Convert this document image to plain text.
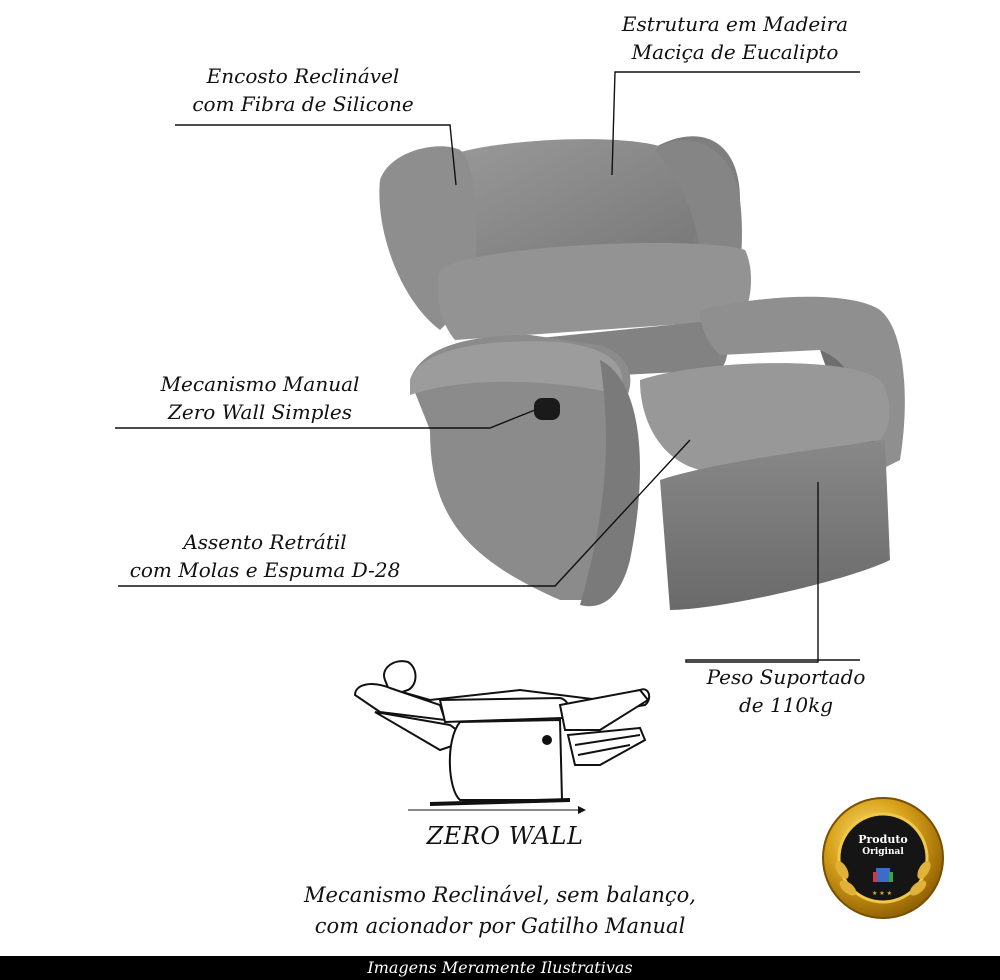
★ ★ ★
Encosto Reclinável
com Fibra de Silicone
Estrutura em Madeira
Maciça de Eucalipto
Mecanismo Manual
Zero Wall Simples
Assento Retrátil
com Molas e Espuma D-28
Peso Suportado
de 110kg
ZERO WALL
Mecanismo Reclinável, sem balanço,
com acionador por Gatilho Manual
Produto
Original
Imagens Meramente Ilustrativas
